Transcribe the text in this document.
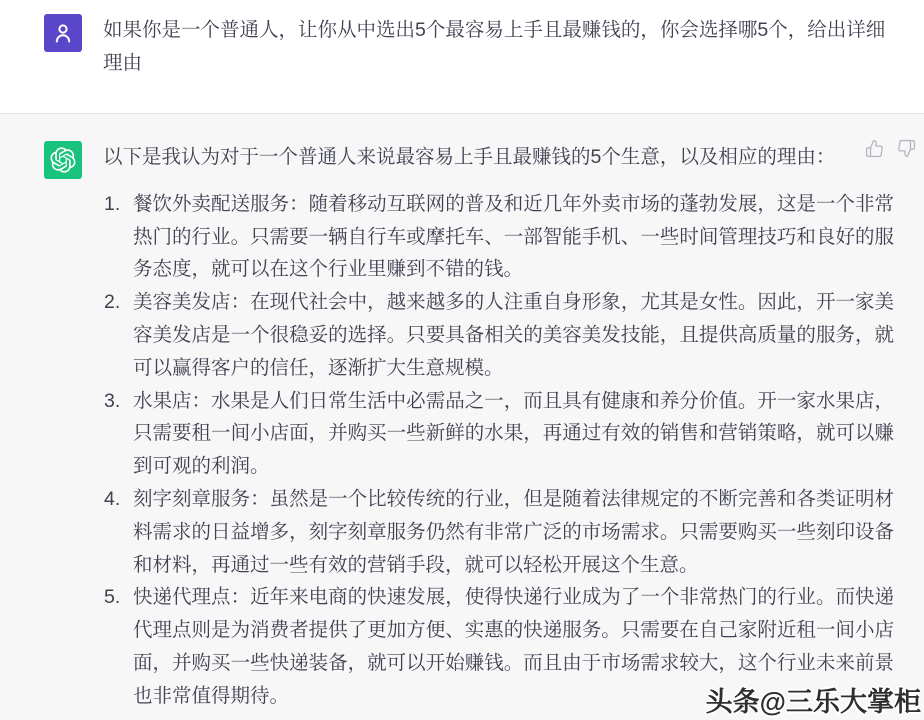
如果你是一个普通人，让你从中选出5个最容易上手且最赚钱的，你会选择哪5个，给出详细理由

以下是我认为对于一个普通人来说最容易上手且最赚钱的5个生意，以及相应的理由：

1. 餐饮外卖配送服务：随着移动互联网的普及和近几年外卖市场的蓬勃发展，这是一个非常热门的行业。只需要一辆自行车或摩托车、一部智能手机、一些时间管理技巧和良好的服务态度，就可以在这个行业里赚到不错的钱。
2. 美容美发店：在现代社会中，越来越多的人注重自身形象，尤其是女性。因此，开一家美容美发店是一个很稳妥的选择。只要具备相关的美容美发技能，且提供高质量的服务，就可以赢得客户的信任，逐渐扩大生意规模。
3. 水果店：水果是人们日常生活中必需品之一，而且具有健康和养分价值。开一家水果店，只需要租一间小店面，并购买一些新鲜的水果，再通过有效的销售和营销策略，就可以赚到可观的利润。
4. 刻字刻章服务：虽然是一个比较传统的行业，但是随着法律规定的不断完善和各类证明材料需求的日益增多，刻字刻章服务仍然有非常广泛的市场需求。只需要购买一些刻印设备和材料，再通过一些有效的营销手段，就可以轻松开展这个生意。
5. 快递代理点：近年来电商的快速发展，使得快递行业成为了一个非常热门的行业。而快递代理点则是为消费者提供了更加方便、实惠的快递服务。只需要在自己家附近租一间小店面，并购买一些快递装备，就可以开始赚钱。而且由于市场需求较大，这个行业未来前景也非常值得期待。	头条@三乐大掌柜
